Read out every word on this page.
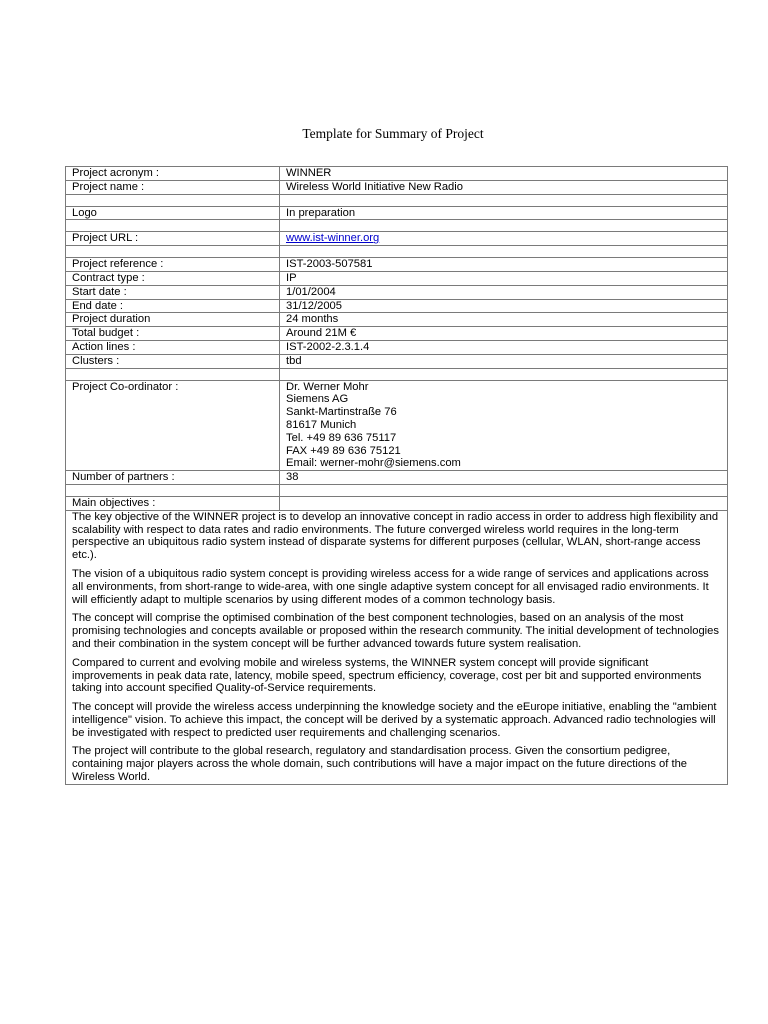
Template for Summary of Project
Project acronym :	WINNER
Project name :	Wireless World Initiative New Radio

Logo	In preparation

Project URL :	www.ist-winner.org

Project reference :	IST-2003-507581
Contract type :	IP
Start date :	1/01/2004
End date :	31/12/2005
Project duration	24 months
Total budget :	Around 21M €
Action lines :	IST-2002-2.3.1.4
Clusters :	tbd

Project Co-ordinator :	Dr. Werner Mohr
Siemens AG
Sankt-Martinstraße 76
81617 Munich
Tel. +49 89 636 75117
FAX +49 89 636 75121
Email: werner-mohr@siemens.com

Number of partners :	38

Main objectives :	

The key objective of the WINNER project is to develop an innovative concept in radio access in order to address high flexibility and scalability with respect to data rates and radio environments. The future converged wireless world requires in the long-term perspective an ubiquitous radio system instead of disparate systems for different purposes (cellular, WLAN, short-range access etc.).

The vision of a ubiquitous radio system concept is providing wireless access for a wide range of services and applications across all environments, from short-range to wide-area, with one single adaptive system concept for all envisaged radio environments. It will efficiently adapt to multiple scenarios by using different modes of a common technology basis.

The concept will comprise the optimised combination of the best component technologies, based on an analysis of the most promising technologies and concepts available or proposed within the research community. The initial development of technologies and their combination in the system concept will be further advanced towards future system realisation.

Compared to current and evolving mobile and wireless systems, the WINNER system concept will provide significant improvements in peak data rate, latency, mobile speed, spectrum efficiency, coverage, cost per bit and supported environments taking into account specified Quality-of-Service requirements.

The concept will provide the wireless access underpinning the knowledge society and the eEurope initiative, enabling the "ambient intelligence" vision. To achieve this impact, the concept will be derived by a systematic approach. Advanced radio technologies will be investigated with respect to predicted user requirements and challenging scenarios.

The project will contribute to the global research, regulatory and standardisation process. Given the consortium pedigree, containing major players across the whole domain, such contributions will have a major impact on the future directions of the Wireless World.
